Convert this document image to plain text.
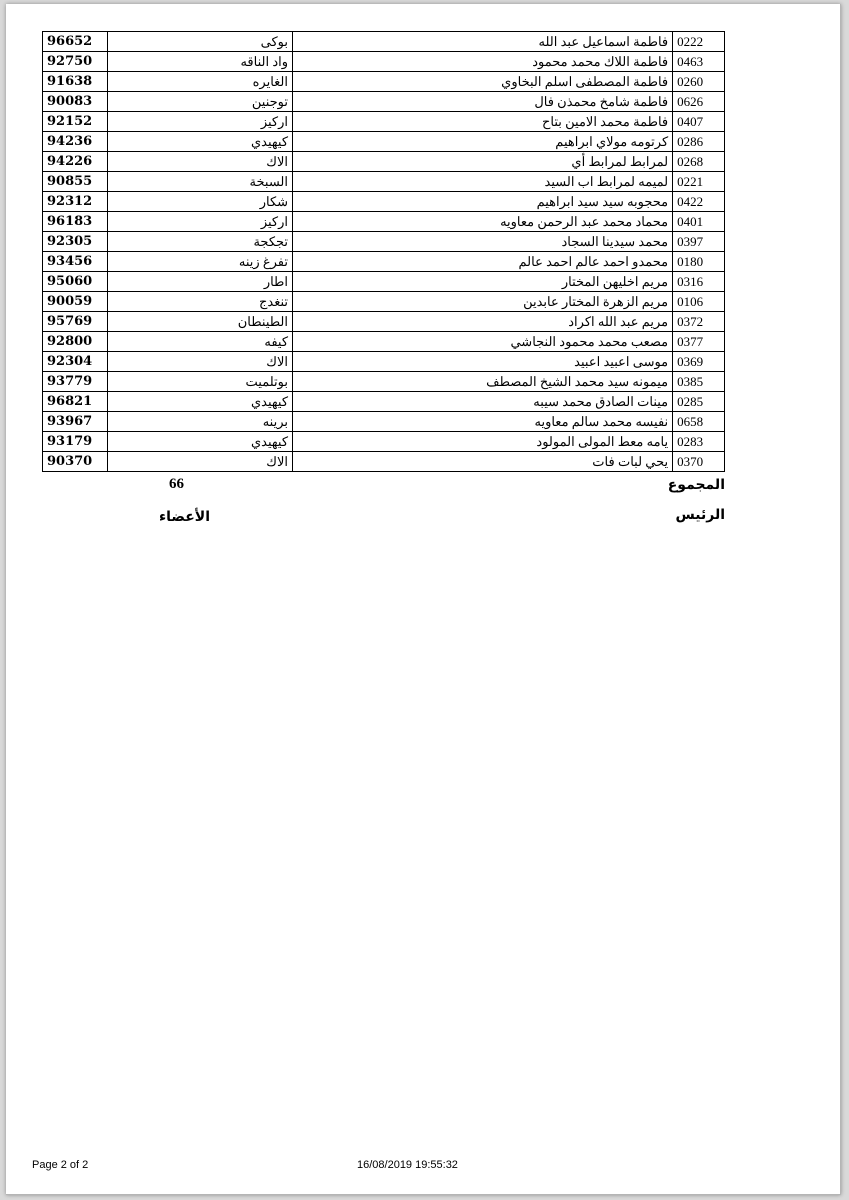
96652	بوكى	فاطمة اسماعيل عبد الله	0222
92750	واد الناقه	فاطمة اللاك محمد محمود	0463
91638	الغايره	فاطمة المصطفى اسلم البخاوي	0260
90083	توجنين	فاطمة شامخ محمذن فال	0626
92152	اركيز	فاطمة محمد الامين بتاح	0407
94236	كيهيدي	كرتومه مولاي ابراهيم	0286
94226	الاك	لمرابط لمرابط أي	0268
90855	السبخة	لميمه لمرابط اب السيد	0221
92312	شكار	محجوبه سيد سيد ابراهيم	0422
96183	اركيز	محماد محمد عبد الرحمن معاويه	0401
92305	تجكجة	محمد سيدينا السجاد	0397
93456	تفرغ زينه	محمدو احمد عالم احمد عالم	0180
95060	اطار	مريم اخليهن المختار	0316
90059	تنغدج	مريم الزهرة المختار عابدين	0106
95769	الطينطان	مريم عبد الله اكراد	0372
92800	كيفه	مصعب محمد محمود النجاشي	0377
92304	الاك	موسى اعبيد اعبيد	0369
93779	بوتلميت	ميمونه سيد محمد الشيخ المصطف	0385
96821	كيهيدي	مينات الصادق محمد سيبه	0285
93967	برينه	نفيسه محمد سالم معاويه	0658
93179	كيهيدي	يامه معط المولى المولود	0283
90370	الاك	يحي لبات فات	0370
المجموع
66
الرئيس
الأعضاء
Page 2 of 2	16/08/2019 19:55:32
